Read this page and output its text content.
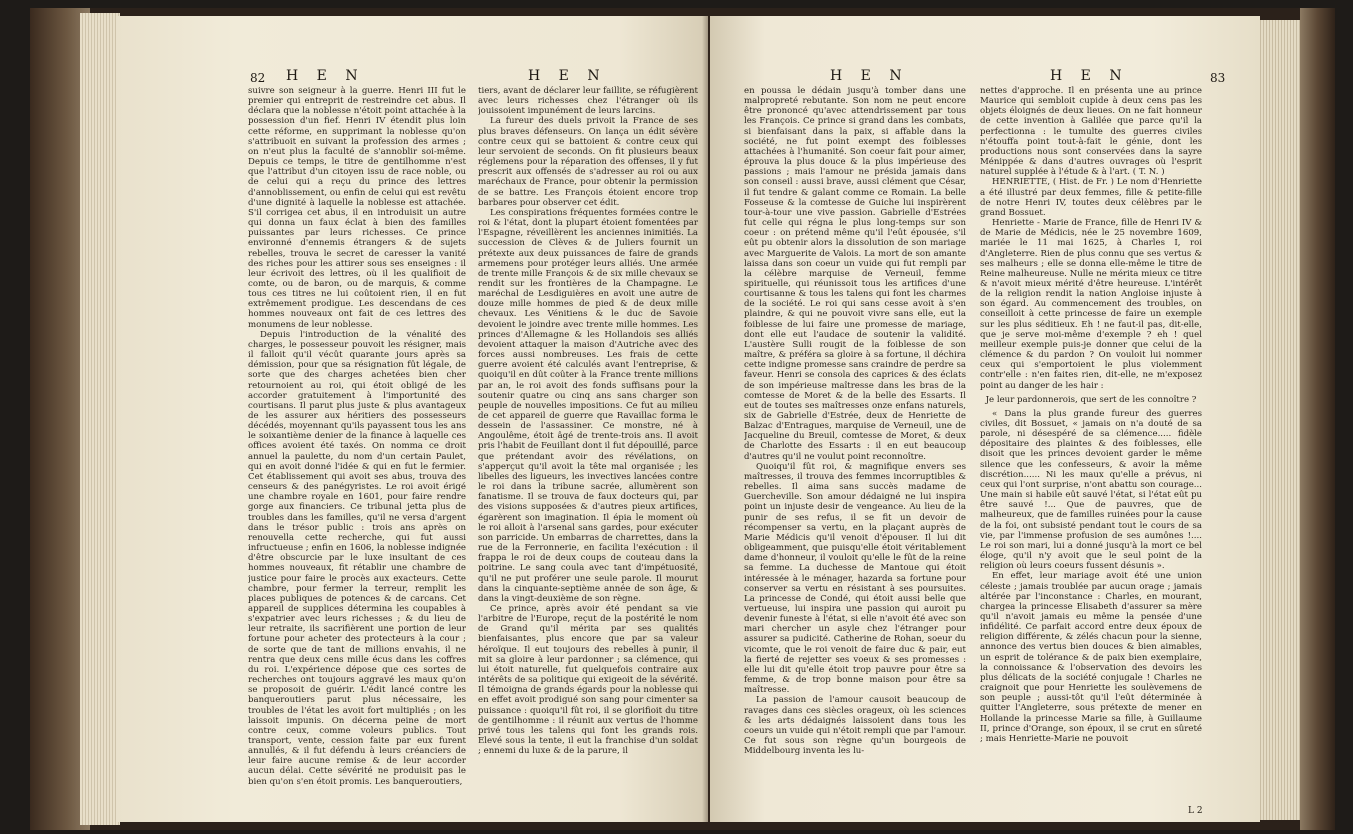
82 H E N	H E N

suivre son seigneur à la guerre. Henri III fut le premier qui entreprit de restreindre cet abus. Il déclara que la noblesse n'étoit point attachée à la possession d'un fief. Henri IV étendit plus loin cette réforme, en supprimant la noblesse qu'on s'attribuoit en suivant la profession des armes ; on n'eut plus la faculté de s'annoblir soi-même. Depuis ce temps, le titre de gentilhomme n'est que l'attribut d'un citoyen issu de race noble, ou de celui qui a reçu du prince des lettres d'annoblissement, ou enfin de celui qui est revêtu d'une dignité à laquelle la noblesse est attachée. S'il corrigea cet abus, il en introduisit un autre qui donna un faux éclat à bien des familles puissantes par leurs richesses. Ce prince environné d'ennemis étrangers & de sujets rebelles, trouva le secret de caresser la vanité des riches pour les attirer sous ses enseignes : il leur écrivoit des lettres, où il les qualifioit de comte, ou de baron, ou de marquis, & comme tous ces titres ne lui coûtoient rien, il en fut extrêmement prodigue. Les descendans de ces hommes nouveaux ont fait de ces lettres des monumens de leur noblesse.

Depuis l'introduction de la vénalité des charges, le possesseur pouvoit les résigner, mais il falloit qu'il vécût quarante jours après sa démission, pour que sa résignation fût légale, de sorte que des charges achetées bien cher retournoient au roi, qui étoit obligé de les accorder gratuitement à l'importunité des courtisans. Il parut plus juste & plus avantageux de les assurer aux héritiers des possesseurs décédés, moyennant qu'ils payassent tous les ans le soixantième denier de la finance à laquelle ces offices avoient été taxés. On nomma ce droit annuel la paulette, du nom d'un certain Paulet, qui en avoit donné l'idée & qui en fut le fermier. Cet établissement qui avoit ses abus, trouva des censeurs & des panégyristes. Le roi avoit érigé une chambre royale en 1601, pour faire rendre gorge aux financiers. Ce tribunal jetta plus de troubles dans les familles, qu'il ne versa d'argent dans le trésor public : trois ans après on renouvella cette recherche, qui fut aussi infructueuse ; enfin en 1606, la noblesse indignée d'être obscurcie par le luxe insultant de ces hommes nouveaux, fit rétablir une chambre de justice pour faire le procès aux exacteurs. Cette chambre, pour fermer la terreur, remplit les places publiques de potences & de carcans. Cet appareil de supplices détermina les coupables à s'expatrier avec leurs richesses ; & du lieu de leur retraite, ils sacrifièrent une portion de leur fortune pour acheter des protecteurs à la cour ; de sorte que de tant de millions envahis, il ne rentra que deux cens mille écus dans les coffres du roi. L'expérience dépose que ces sortes de recherches ont toujours aggravé les maux qu'on se proposoit de guérir. L'édit lancé contre les banqueroutiers parut plus nécessaire, les troubles de l'état les avoit fort multipliés ; on les laissoit impunis. On décerna peine de mort contre ceux, comme voleurs publics. Tout transport, vente, cession faite par eux furent annullés, & il fut défendu à leurs créanciers de leur faire aucune remise & de leur accorder aucun délai. Cette sévérité ne produisit pas le bien qu'on s'en étoit promis. Les banqueroutiers,

tiers, avant de déclarer leur faillite, se réfugièrent avec leurs richesses chez l'étranger où ils jouissoient impunément de leurs larcins.

La fureur des duels privoit la France de ses plus braves défenseurs. On lança un édit sévère contre ceux qui se battoient & contre ceux qui leur servoient de seconds. On fit plusieurs beaux réglemens pour la réparation des offenses, il y fut prescrit aux offensés de s'adresser au roi ou aux maréchaux de France, pour obtenir la permission de se battre. Les François étoient encore trop barbares pour observer cet édit.

Les conspirations fréquentes formées contre le roi & l'état, dont la plupart étoient fomentées par l'Espagne, réveillèrent les anciennes inimitiés. La succession de Clèves & de Juliers fournit un prétexte aux deux puissances de faire de grands armemens pour protéger leurs alliés. Une armée de trente mille François & de six mille chevaux se rendit sur les frontières de la Champagne. Le maréchal de Lesdiguières en avoit une autre de douze mille hommes de pied & de deux mille chevaux. Les Vénitiens & le duc de Savoie devoient le joindre avec trente mille hommes. Les princes d'Allemagne & les Hollandois ses alliés devoient attaquer la maison d'Autriche avec des forces aussi nombreuses. Les frais de cette guerre avoient été calculés avant l'entreprise, & quoiqu'il en dût coûter à la France trente millions par an, le roi avoit des fonds suffisans pour la soutenir quatre ou cinq ans sans charger son peuple de nouvelles impositions. Ce fut au milieu de cet appareil de guerre que Ravaillac forma le dessein de l'assassiner. Ce monstre, né à Angoulême, étoit âgé de trente-trois ans. Il avoit pris l'habit de Feuillant dont il fut dépouillé, parce que prétendant avoir des révélations, on s'apperçut qu'il avoit la tête mal organisée ; les libelles des ligueurs, les invectives lancées contre le roi dans la tribune sacrée, allumèrent son fanatisme. Il se trouva de faux docteurs qui, par des visions supposées & d'autres pieux artifices, égarèrent son imagination. Il épia le moment où le roi alloit à l'arsenal sans gardes, pour exécuter son parricide. Un embarras de charrettes, dans la rue de la Ferronnerie, en facilita l'exécution : il frappa le roi de deux coups de couteau dans la poitrine. Le sang coula avec tant d'impétuosité, qu'il ne put proférer une seule parole. Il mourut dans la cinquante-septième année de son âge, & dans la vingt-deuxième de son règne.

Ce prince, après avoir été pendant sa vie l'arbitre de l'Europe, reçut de la postérité le nom de Grand qu'il mérita par ses qualités bienfaisantes, plus encore que par sa valeur héroïque. Il eut toujours des rebelles à punir, il mit sa gloire à leur pardonner ; sa clémence, qui lui étoit naturelle, fut quelquefois contraire aux intérêts de sa politique qui exigeoit de la sévérité. Il témoigna de grands égards pour la noblesse qui en effet avoit prodigué son sang pour cimenter sa puissance : quoiqu'il fût roi, il se glorifioit du titre de gentilhomme : il réunit aux vertus de l'homme privé tous les talens qui font les grands rois. Elevé sous la tente, il eut la franchise d'un soldat ; ennemi du luxe & de la parure, il

H E N	H E N	83

en poussa le dédain jusqu'à tomber dans une malpropreté rebutante. Son nom ne peut encore être prononcé qu'avec attendrissement par tous les François. Ce prince si grand dans les combats, si bienfaisant dans la paix, si affable dans la société, ne fut point exempt des foiblesses attachées à l'humanité. Son coeur fait pour aimer, éprouva la plus douce & la plus impérieuse des passions ; mais l'amour ne présida jamais dans son conseil : aussi brave, aussi clément que César, il fut tendre & galant comme ce Romain. La belle Fosseuse & la comtesse de Guiche lui inspirèrent tour-à-tour une vive passion. Gabrielle d'Estrées fut celle qui régna le plus long-temps sur son coeur : on prétend même qu'il l'eût épousée, s'il eût pu obtenir alors la dissolution de son mariage avec Marguerite de Valois. La mort de son amante laissa dans son coeur un vuide qui fut rempli par la célèbre marquise de Verneuil, femme spirituelle, qui réunissoit tous les artifices d'une courtisanne & tous les talens qui font les charmes de la société. Le roi qui sans cesse avoit à s'en plaindre, & qui ne pouvoit vivre sans elle, eut la foiblesse de lui faire une promesse de mariage, dont elle eut l'audace de soutenir la validité. L'austère Sulli rougit de la foiblesse de son maître, & préféra sa gloire à sa fortune, il déchira cette indigne promesse sans craindre de perdre sa faveur. Henri se consola des caprices & des éclats de son impérieuse maîtresse dans les bras de la comtesse de Moret & de la belle des Essarts. Il eut de toutes ses maîtresses onze enfans naturels, six de Gabrielle d'Estrée, deux de Henriette de Balzac d'Entragues, marquise de Verneuil, une de Jacqueline du Breuil, comtesse de Moret, & deux de Charlotte des Essarts : il en eut beaucoup d'autres qu'il ne voulut point reconnoître.

Quoiqu'il fût roi, & magnifique envers ses maîtresses, il trouva des femmes incorruptibles & rebelles. Il aima sans succès madame de Guercheville. Son amour dédaigné ne lui inspira point un injuste desir de vengeance. Au lieu de la punir de ses refus, il se fit un devoir de récompenser sa vertu, en la plaçant auprès de Marie Médicis qu'il venoit d'épouser. Il lui dit obligeamment, que puisqu'elle étoit véritablement dame d'honneur, il vouloit qu'elle le fût de la reine sa femme. La duchesse de Mantoue qui étoit intéressée à le ménager, hazarda sa fortune pour conserver sa vertu en résistant à ses poursuites. La princesse de Condé, qui étoit aussi belle que vertueuse, lui inspira une passion qui auroit pu devenir funeste à l'état, si elle n'avoit été avec son mari chercher un asyle chez l'étranger pour assurer sa pudicité. Catherine de Rohan, soeur du vicomte, que le roi venoit de faire duc & pair, eut la fierté de rejetter ses voeux & ses promesses : elle lui dit qu'elle étoit trop pauvre pour être sa femme, & de trop bonne maison pour être sa maîtresse.

La passion de l'amour causoit beaucoup de ravages dans ces siècles orageux, où les sciences & les arts dédaignés laissoient dans tous les coeurs un vuide qui n'étoit rempli que par l'amour. Ce fut sous son règne qu'un bourgeois de Middelbourg inventa les lu-

nettes d'approche. Il en présenta une au prince Maurice qui sembloit cupide à deux cens pas les objets éloignés de deux lieues. On ne fait honneur de cette invention à Galilée que parce qu'il la perfectionna : le tumulte des guerres civiles n'étouffa point tout-à-fait le génie, dont les productions nous sont conservées dans la sayre Ménippée & dans d'autres ouvrages où l'esprit naturel supplée à l'étude & à l'art. ( T. N. )

HENRIETTE, ( Hist. de Fr. ) Le nom d'Henriette a été illustré par deux femmes, fille & petite-fille de notre Henri IV, toutes deux célèbres par le grand Bossuet.

Henriette - Marie de France, fille de Henri IV & de Marie de Médicis, née le 25 novembre 1609, mariée le 11 mai 1625, à Charles I, roi d'Angleterre. Rien de plus connu que ses vertus & ses malheurs ; elle se donna elle-même le titre de Reine malheureuse. Nulle ne mérita mieux ce titre & n'avoit mieux mérité d'être heureuse. L'intérêt de la religion rendit la nation Angloise injuste à son égard. Au commencement des troubles, on conseilloit à cette princesse de faire un exemple sur les plus séditieux. Eh ! ne faut-il pas, dit-elle, que je serve moi-même d'exemple ? eh ! quel meilleur exemple puis-je donner que celui de la clémence & du pardon ? On vouloit lui nommer ceux qui s'emportoient le plus violemment contr'elle : n'en faites rien, dit-elle, ne m'exposez point au danger de les hair :

Je leur pardonnerois, que sert de les connoître ?

« Dans la plus grande fureur des guerres civiles, dit Bossuet, « jamais on n'a douté de sa parole, ni désespéré de sa clémence..... fidèle dépositaire des plaintes & des foiblesses, elle disoit que les princes devoient garder le même silence que les confesseurs, & avoir la même discrétion...... Ni les maux qu'elle a prévus, ni ceux qui l'ont surprise, n'ont abattu son courage... Une main si habile eût sauvé l'état, si l'état eût pu être sauvé !... Que de pauvres, que de malheureux, que de familles ruinées pour la cause de la foi, ont subsisté pendant tout le cours de sa vie, par l'immense profusion de ses aumônes !.... Le roi son mari, lui a donné jusqu'à la mort ce bel éloge, qu'il n'y avoit que le seul point de la religion où leurs coeurs fussent désunis ».

En effet, leur mariage avoit été une union céleste ; jamais troublée par aucun orage ; jamais altérée par l'inconstance : Charles, en mourant, chargea la princesse Elisabeth d'assurer sa mère qu'il n'avoit jamais eu même la pensée d'une infidélité. Ce parfait accord entre deux époux de religion différente, & zélés chacun pour la sienne, annonce des vertus bien douces & bien aimables, un esprit de tolérance & de paix bien exemplaire, la connoissance & l'observation des devoirs les plus délicats de la société conjugale ! Charles ne craignoit que pour Henriette les soulèvemens de son peuple ; aussi-tôt qu'il l'eût déterminée à quitter l'Angleterre, sous prétexte de mener en Hollande la princesse Marie sa fille, à Guillaume II, prince d'Orange, son époux, il se crut en sûreté ; mais Henriette-Marie ne pouvoit

L 2
